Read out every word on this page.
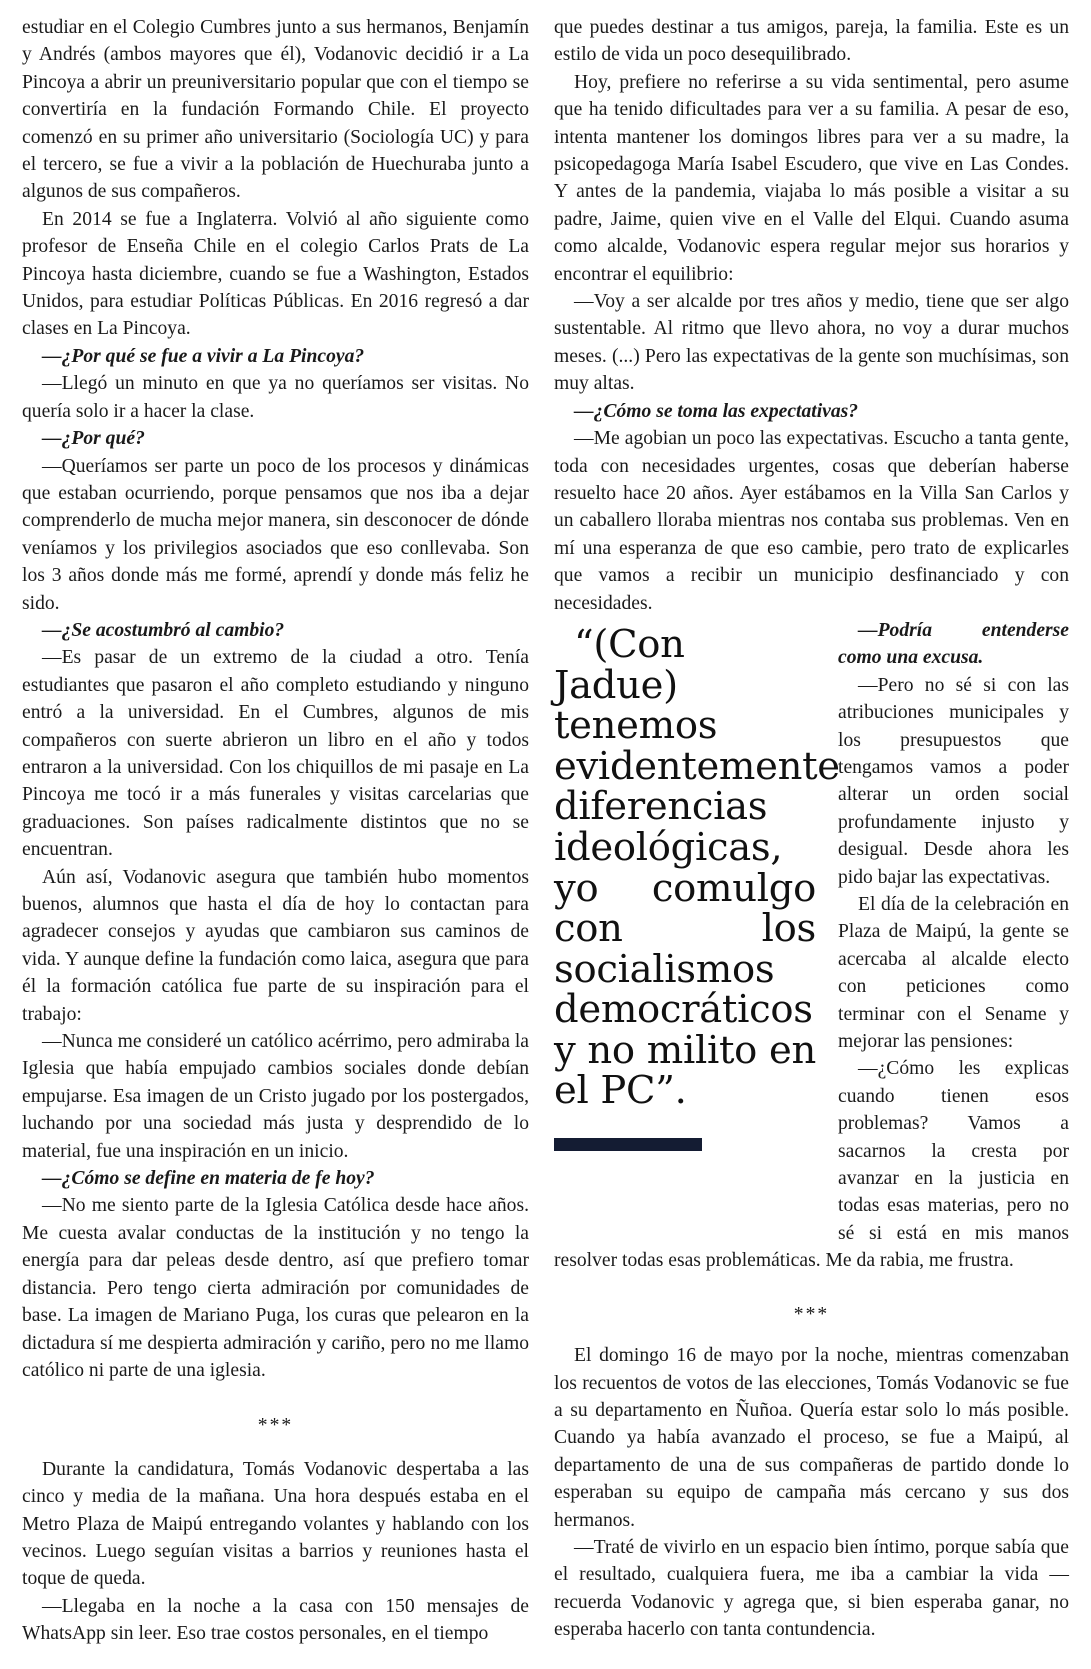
estudiar en el Colegio Cumbres junto a sus hermanos, Benjamín y Andrés (ambos mayores que él), Vodanovic decidió ir a La Pincoya a abrir un preuniversitario popular que con el tiempo se convertiría en la fundación Formando Chile. El proyecto comenzó en su primer año universitario (Sociología UC) y para el tercero, se fue a vivir a la población de Huechuraba junto a algunos de sus compañeros.

En 2014 se fue a Inglaterra. Volvió al año siguiente como profesor de Enseña Chile en el colegio Carlos Prats de La Pincoya hasta diciembre, cuando se fue a Washington, Estados Unidos, para estudiar Políticas Públicas. En 2016 regresó a dar clases en La Pincoya.

—¿Por qué se fue a vivir a La Pincoya?

—Llegó un minuto en que ya no queríamos ser visitas. No quería solo ir a hacer la clase.

—¿Por qué?

—Queríamos ser parte un poco de los procesos y dinámicas que estaban ocurriendo, porque pensamos que nos iba a dejar comprenderlo de mucha mejor manera, sin desconocer de dónde veníamos y los privilegios asociados que eso conllevaba. Son los 3 años donde más me formé, aprendí y donde más feliz he sido.

—¿Se acostumbró al cambio?

—Es pasar de un extremo de la ciudad a otro. Tenía estudiantes que pasaron el año completo estudiando y ninguno entró a la universidad. En el Cumbres, algunos de mis compañeros con suerte abrieron un libro en el año y todos entraron a la universidad. Con los chiquillos de mi pasaje en La Pincoya me tocó ir a más funerales y visitas carcelarias que graduaciones. Son países radicalmente distintos que no se encuentran.

Aún así, Vodanovic asegura que también hubo momentos buenos, alumnos que hasta el día de hoy lo contactan para agradecer consejos y ayudas que cambiaron sus caminos de vida. Y aunque define la fundación como laica, asegura que para él la formación católica fue parte de su inspiración para el trabajo:

—Nunca me consideré un católico acérrimo, pero admiraba la Iglesia que había empujado cambios sociales donde debían empujarse. Esa imagen de un Cristo jugado por los postergados, luchando por una sociedad más justa y desprendido de lo material, fue una inspiración en un inicio.

—¿Cómo se define en materia de fe hoy?

—No me siento parte de la Iglesia Católica desde hace años. Me cuesta avalar conductas de la institución y no tengo la energía para dar peleas desde dentro, así que prefiero tomar distancia. Pero tengo cierta admiración por comunidades de base. La imagen de Mariano Puga, los curas que pelearon en la dictadura sí me despierta admiración y cariño, pero no me llamo católico ni parte de una iglesia.

***

Durante la candidatura, Tomás Vodanovic despertaba a las cinco y media de la mañana. Una hora después estaba en el Metro Plaza de Maipú entregando volantes y hablando con los vecinos. Luego seguían visitas a barrios y reuniones hasta el toque de queda.

—Llegaba en la noche a la casa con 150 mensajes de WhatsApp sin leer. Eso trae costos personales, en el tiempo

que puedes destinar a tus amigos, pareja, la familia. Este es un estilo de vida un poco desequilibrado.

Hoy, prefiere no referirse a su vida sentimental, pero asume que ha tenido dificultades para ver a su familia. A pesar de eso, intenta mantener los domingos libres para ver a su madre, la psicopedagoga María Isabel Escudero, que vive en Las Condes. Y antes de la pandemia, viajaba lo más posible a visitar a su padre, Jaime, quien vive en el Valle del Elqui. Cuando asuma como alcalde, Vodanovic espera regular mejor sus horarios y encontrar el equilibrio:

—Voy a ser alcalde por tres años y medio, tiene que ser algo sustentable. Al ritmo que llevo ahora, no voy a durar muchos meses. (...) Pero las expectativas de la gente son muchísimas, son muy altas.

—¿Cómo se toma las expectativas?

—Me agobian un poco las expectativas. Escucho a tanta gente, toda con necesidades urgentes, cosas que deberían haberse resuelto hace 20 años. Ayer estábamos en la Villa San Carlos y un caballero lloraba mientras nos contaba sus problemas. Ven en mí una esperanza de que eso cambie, pero trato de explicarles que vamos a recibir un municipio desfinanciado y con necesidades.

“(Con Jadue) tenemos evidentemente diferencias ideológicas, yo comulgo con los socialismos democráticos y no milito en el PC”.

—Podría entenderse como una excusa.

—Pero no sé si con las atribuciones municipales y los presupuestos que tengamos vamos a poder alterar un orden social profundamente injusto y desigual. Desde ahora les pido bajar las expectativas.

El día de la celebración en Plaza de Maipú, la gente se acercaba al alcalde electo con peticiones como terminar con el Sename y mejorar las pensiones:

—¿Cómo les explicas cuando tienen esos problemas? Vamos a sacarnos la cresta por avanzar en la justicia en todas esas materias, pero no sé si está en mis manos resolver todas esas problemáticas. Me da rabia, me frustra.

***

El domingo 16 de mayo por la noche, mientras comenzaban los recuentos de votos de las elecciones, Tomás Vodanovic se fue a su departamento en Ñuñoa. Quería estar solo lo más posible. Cuando ya había avanzado el proceso, se fue a Maipú, al departamento de una de sus compañeras de partido donde lo esperaban su equipo de campaña más cercano y sus dos hermanos.

—Traté de vivirlo en un espacio bien íntimo, porque sabía que el resultado, cualquiera fuera, me iba a cambiar la vida —recuerda Vodanovic y agrega que, si bien esperaba ganar, no esperaba hacerlo con tanta contundencia.
